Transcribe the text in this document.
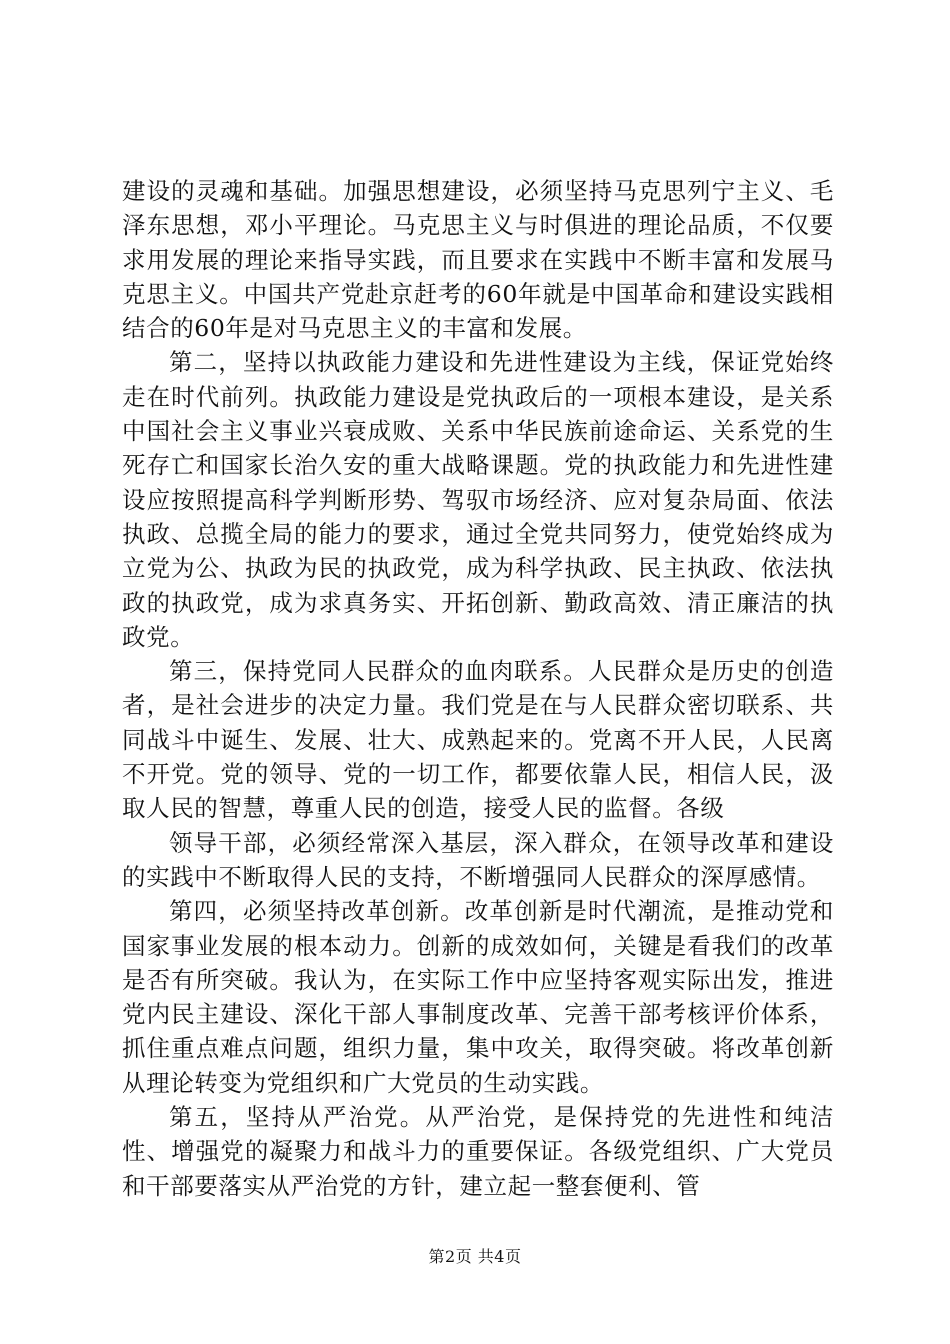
建设的灵魂和基础。加强思想建设，必须坚持马克思列宁主义、毛泽东思想，邓小平理论。马克思主义与时俱进的理论品质，不仅要求用发展的理论来指导实践，而且要求在实践中不断丰富和发展马克思主义。中国共产党赴京赶考的60年就是中国革命和建设实践相结合的60年是对马克思主义的丰富和发展。

第二，坚持以执政能力建设和先进性建设为主线，保证党始终走在时代前列。执政能力建设是党执政后的一项根本建设，是关系中国社会主义事业兴衰成败、关系中华民族前途命运、关系党的生死存亡和国家长治久安的重大战略课题。党的执政能力和先进性建设应按照提高科学判断形势、驾驭市场经济、应对复杂局面、依法执政、总揽全局的能力的要求，通过全党共同努力，使党始终成为立党为公、执政为民的执政党，成为科学执政、民主执政、依法执政的执政党，成为求真务实、开拓创新、勤政高效、清正廉洁的执政党。

第三，保持党同人民群众的血肉联系。人民群众是历史的创造者，是社会进步的决定力量。我们党是在与人民群众密切联系、共同战斗中诞生、发展、壮大、成熟起来的。党离不开人民，人民离不开党。党的领导、党的一切工作，都要依靠人民，相信人民，汲取人民的智慧，尊重人民的创造，接受人民的监督。各级

领导干部，必须经常深入基层，深入群众，在领导改革和建设的实践中不断取得人民的支持，不断增强同人民群众的深厚感情。

第四，必须坚持改革创新。改革创新是时代潮流，是推动党和国家事业发展的根本动力。创新的成效如何，关键是看我们的改革是否有所突破。我认为，在实际工作中应坚持客观实际出发，推进党内民主建设、深化干部人事制度改革、完善干部考核评价体系，抓住重点难点问题，组织力量，集中攻关，取得突破。将改革创新从理论转变为党组织和广大党员的生动实践。

第五，坚持从严治党。从严治党，是保持党的先进性和纯洁性、增强党的凝聚力和战斗力的重要保证。各级党组织、广大党员和干部要落实从严治党的方针，建立起一整套便利、管

第2页 共4页
